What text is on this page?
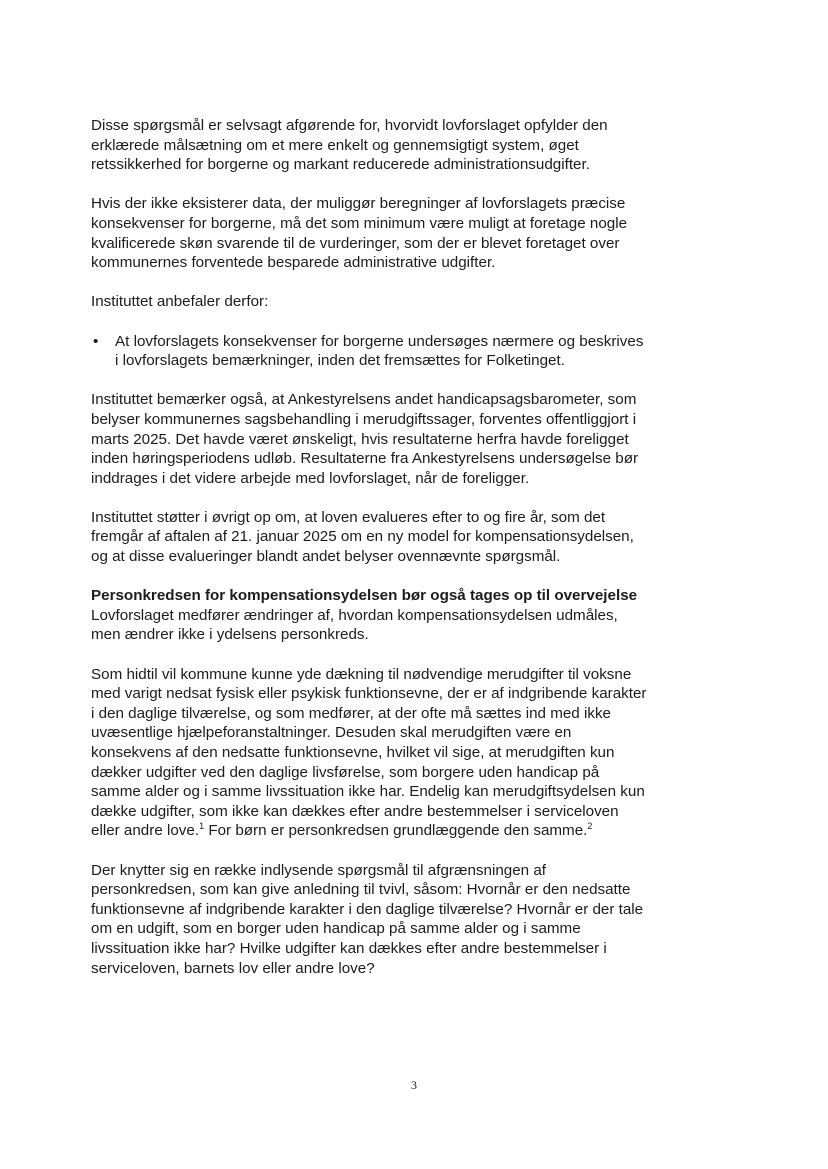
Disse spørgsmål er selvsagt afgørende for, hvorvidt lovforslaget opfylder den erklærede målsætning om et mere enkelt og gennemsigtigt system, øget retssikkerhed for borgerne og markant reducerede administrationsudgifter.

Hvis der ikke eksisterer data, der muliggør beregninger af lovforslagets præcise konsekvenser for borgerne, må det som minimum være muligt at foretage nogle kvalificerede skøn svarende til de vurderinger, som der er blevet foretaget over kommunernes forventede besparede administrative udgifter.

Instituttet anbefaler derfor:

• At lovforslagets konsekvenser for borgerne undersøges nærmere og beskrives i lovforslagets bemærkninger, inden det fremsættes for Folketinget.

Instituttet bemærker også, at Ankestyrelsens andet handicapsagsbarometer, som belyser kommunernes sagsbehandling i merudgiftssager, forventes offentliggjort i marts 2025. Det havde været ønskeligt, hvis resultaterne herfra havde foreligget inden høringsperiodens udløb. Resultaterne fra Ankestyrelsens undersøgelse bør inddrages i det videre arbejde med lovforslaget, når de foreligger.

Instituttet støtter i øvrigt op om, at loven evalueres efter to og fire år, som det fremgår af aftalen af 21. januar 2025 om en ny model for kompensationsydelsen, og at disse evalueringer blandt andet belyser ovennævnte spørgsmål.

Personkredsen for kompensationsydelsen bør også tages op til overvejelse

Lovforslaget medfører ændringer af, hvordan kompensationsydelsen udmåles, men ændrer ikke i ydelsens personkreds.

Som hidtil vil kommune kunne yde dækning til nødvendige merudgifter til voksne med varigt nedsat fysisk eller psykisk funktionsevne, der er af indgribende karakter i den daglige tilværelse, og som medfører, at der ofte må sættes ind med ikke uvæsentlige hjælpeforanstaltninger. Desuden skal merudgiften være en konsekvens af den nedsatte funktionsevne, hvilket vil sige, at merudgiften kun dækker udgifter ved den daglige livsførelse, som borgere uden handicap på samme alder og i samme livssituation ikke har. Endelig kan merudgiftsydelsen kun dække udgifter, som ikke kan dækkes efter andre bestemmelser i serviceloven eller andre love.$^1$ For børn er personkredsen grundlæggende den samme.$^2$

Der knytter sig en række indlysende spørgsmål til afgrænsningen af personkredsen, som kan give anledning til tvivl, såsom: Hvornår er den nedsatte funktionsevne af indgribende karakter i den daglige tilværelse? Hvornår er der tale om en udgift, som en borger uden handicap på samme alder og i samme livssituation ikke har? Hvilke udgifter kan dækkes efter andre bestemmelser i serviceloven, barnets lov eller andre love?

3
